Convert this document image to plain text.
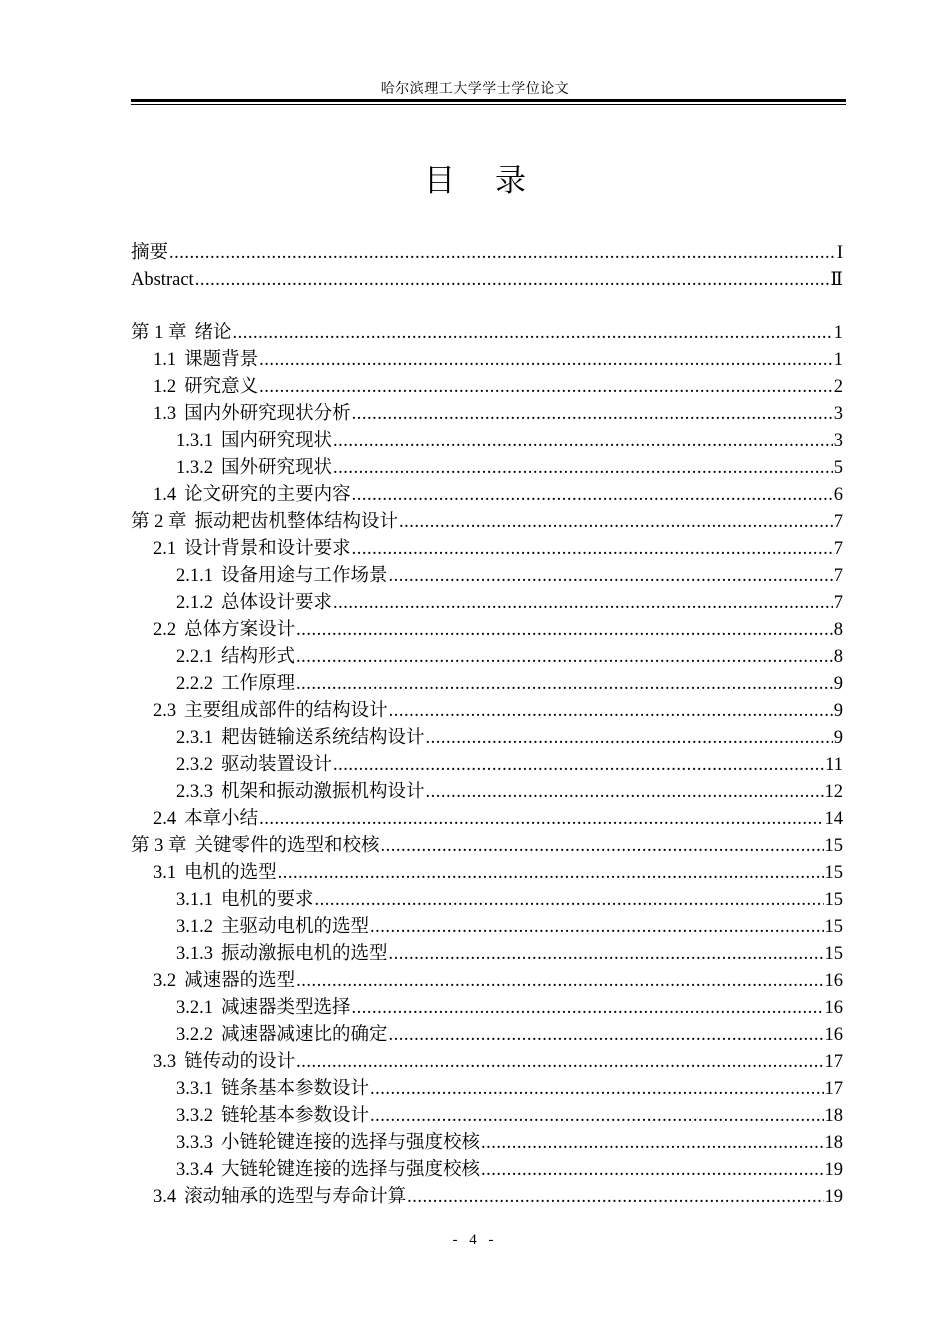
哈尔滨理工大学学士学位论文
目录
摘要 .....	I
Abstract .....	Ⅱ
第 1 章 绪论 .....	1
1.1 课题背景 .....	1
1.2 研究意义 .....	2
1.3 国内外研究现状分析 .....	3
1.3.1 国内研究现状 .....	3
1.3.2 国外研究现状 .....	5
1.4 论文研究的主要内容 .....	6
第 2 章 振动耙齿机整体结构设计 .....	7
2.1 设计背景和设计要求 .....	7
2.1.1 设备用途与工作场景 .....	7
2.1.2 总体设计要求 .....	7
2.2 总体方案设计 .....	8
2.2.1 结构形式 .....	8
2.2.2 工作原理 .....	9
2.3 主要组成部件的结构设计 .....	9
2.3.1 耙齿链输送系统结构设计 .....	9
2.3.2 驱动装置设计 .....	11
2.3.3 机架和振动激振机构设计 .....	12
2.4 本章小结 .....	14
第 3 章 关键零件的选型和校核 .....	15
3.1 电机的选型 .....	15
3.1.1 电机的要求 .....	15
3.1.2 主驱动电机的选型 .....	15
3.1.3 振动激振电机的选型 .....	15
3.2 减速器的选型 .....	16
3.2.1 减速器类型选择 .....	16
3.2.2 减速器减速比的确定 .....	16
3.3 链传动的设计 .....	17
3.3.1 链条基本参数设计 .....	17
3.3.2 链轮基本参数设计 .....	18
3.3.3 小链轮键连接的选择与强度校核 .....	18
3.3.4 大链轮键连接的选择与强度校核 .....	19
3.4 滚动轴承的选型与寿命计算 .....	19
- 4 -
